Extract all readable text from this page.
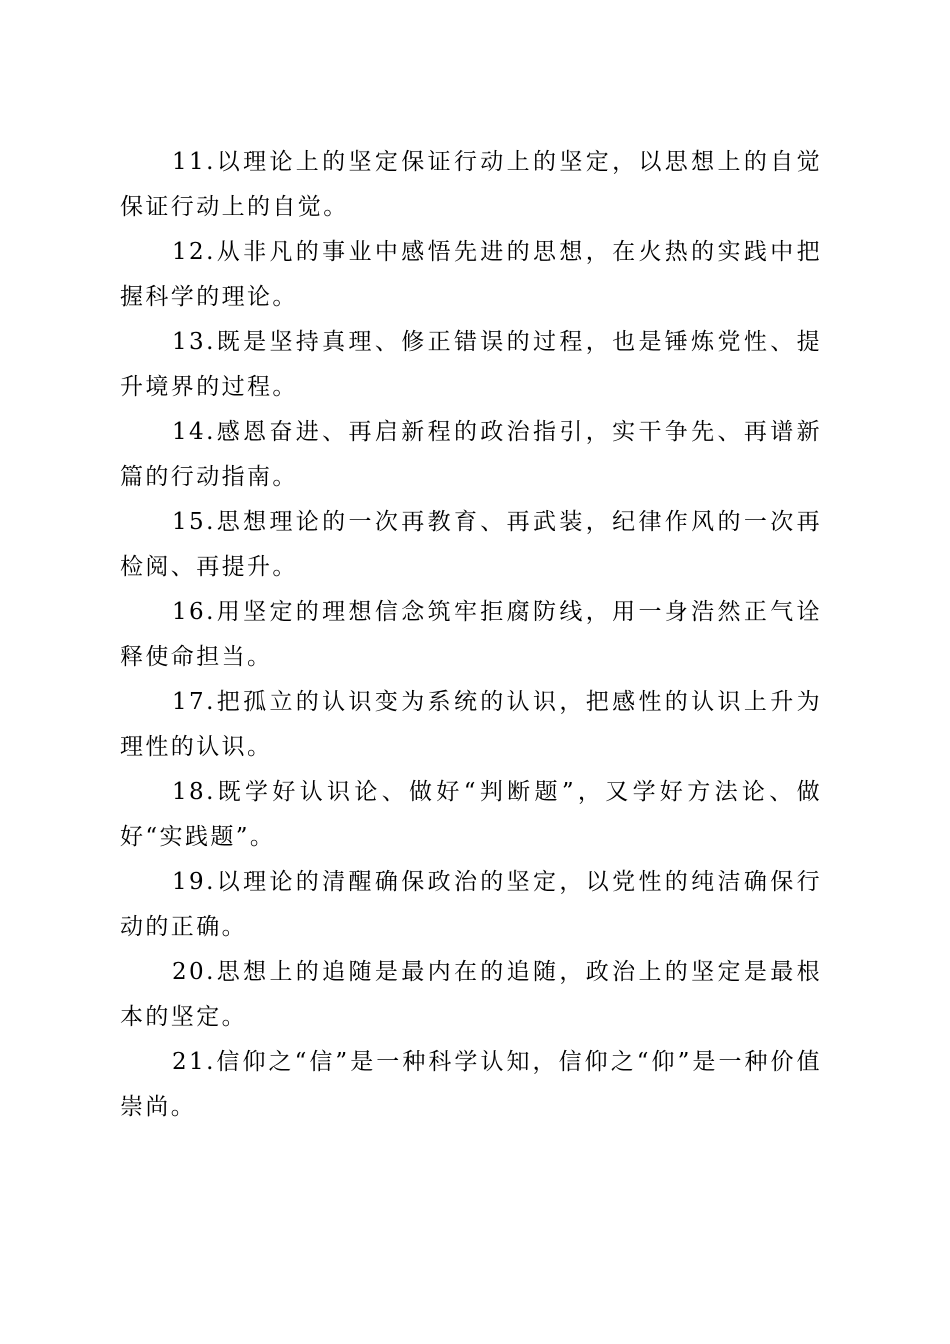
11.以理论上的坚定保证行动上的坚定，以思想上的自觉保证行动上的自觉。

12.从非凡的事业中感悟先进的思想，在火热的实践中把握科学的理论。

13.既是坚持真理、修正错误的过程，也是锤炼党性、提升境界的过程。

14.感恩奋进、再启新程的政治指引，实干争先、再谱新篇的行动指南。

15.思想理论的一次再教育、再武装，纪律作风的一次再检阅、再提升。

16.用坚定的理想信念筑牢拒腐防线，用一身浩然正气诠释使命担当。

17.把孤立的认识变为系统的认识，把感性的认识上升为理性的认识。

18.既学好认识论、做好“判断题”，又学好方法论、做好“实践题”。

19.以理论的清醒确保政治的坚定，以党性的纯洁确保行动的正确。

20.思想上的追随是最内在的追随，政治上的坚定是最根本的坚定。

21.信仰之“信”是一种科学认知，信仰之“仰”是一种价值崇尚。
